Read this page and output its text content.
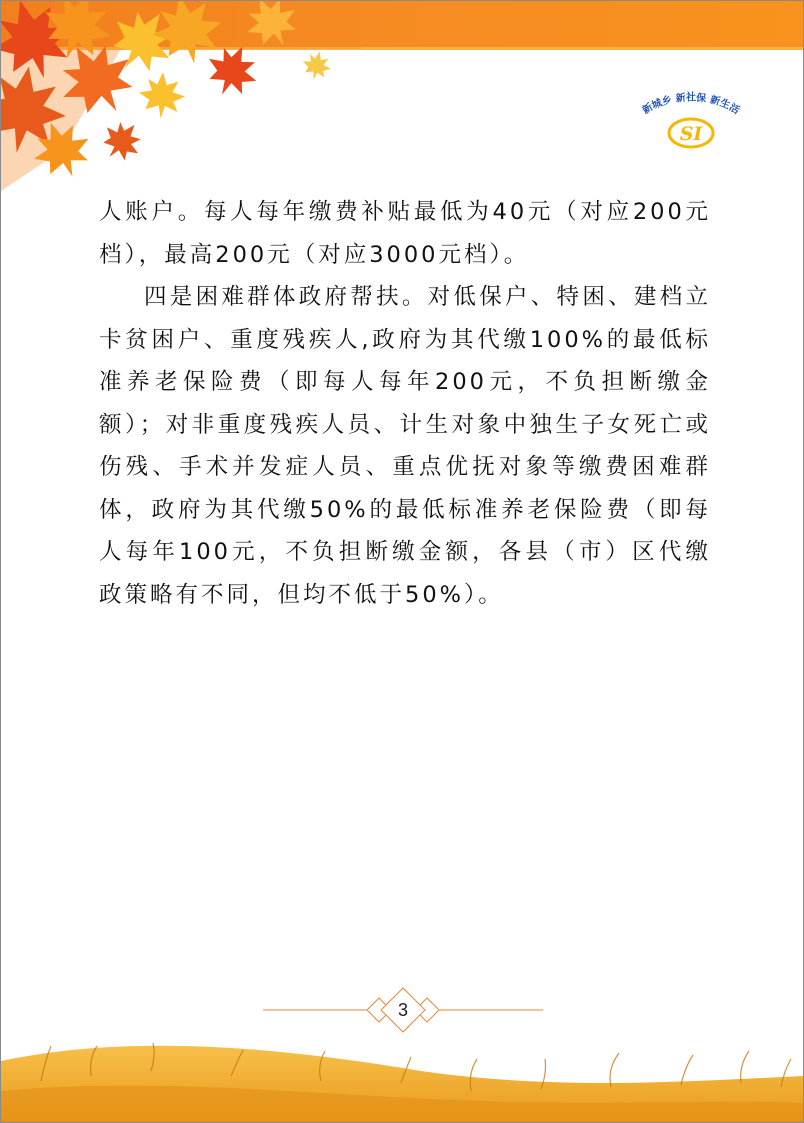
新城乡 新社保 新生活
SI

人账户。每人每年缴费补贴最低为40元（对应200元档），最高200元（对应3000元档）。

四是困难群体政府帮扶。对低保户、特困、建档立卡贫困户、重度残疾人,政府为其代缴100%的最低标准养老保险费（即每人每年200元，不负担断缴金额）；对非重度残疾人员、计生对象中独生子女死亡或伤残、手术并发症人员、重点优抚对象等缴费困难群体，政府为其代缴50%的最低标准养老保险费（即每人每年100元，不负担断缴金额，各县（市）区代缴政策略有不同，但均不低于50%）。

3
